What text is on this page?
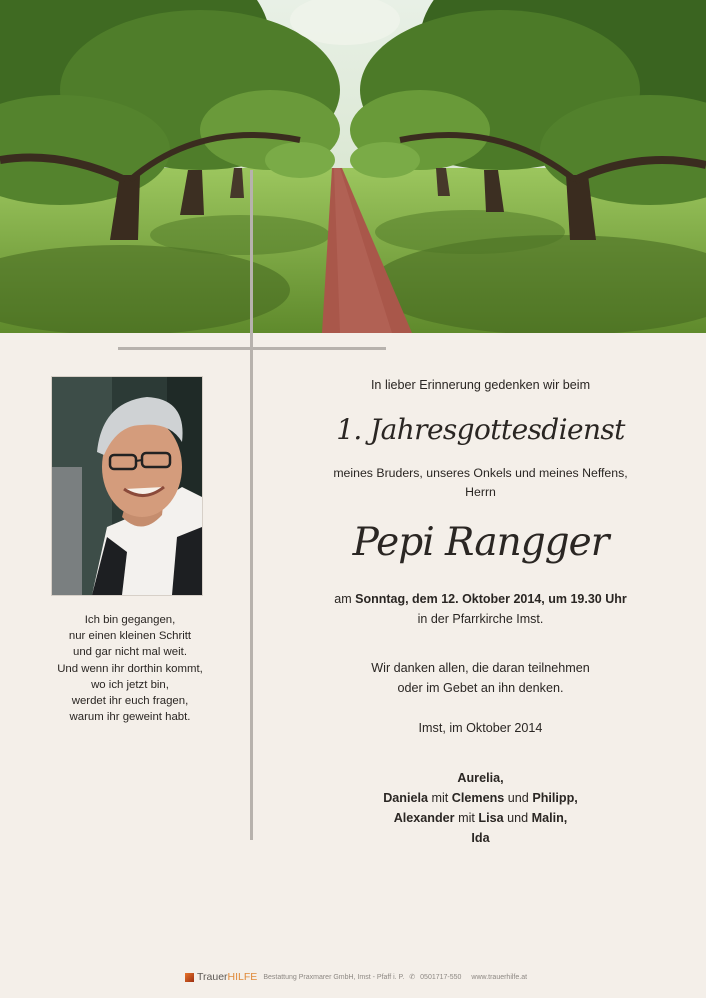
Ich bin gegangen,
nur einen kleinen Schritt
und gar nicht mal weit.
Und wenn ihr dorthin kommt,
wo ich jetzt bin,
werdet ihr euch fragen,
warum ihr geweint habt.
In lieber Erinnerung gedenken wir beim
1. Jahresgottesdienst
meines Bruders, unseres Onkels und meines Neffens,
Herrn
Pepi Rangger
am Sonntag, dem 12. Oktober 2014, um 19.30 Uhr
in der Pfarrkirche Imst.
Wir danken allen, die daran teilnehmen
oder im Gebet an ihn denken.
Imst, im Oktober 2014
Aurelia,
Daniela mit Clemens und Philipp,
Alexander mit Lisa und Malin,
Ida
TrauerHILFE Bestattung Praxmarer GmbH, Imst - Pfaff i. P. ✆ 0501717-550 www.trauerhilfe.at
